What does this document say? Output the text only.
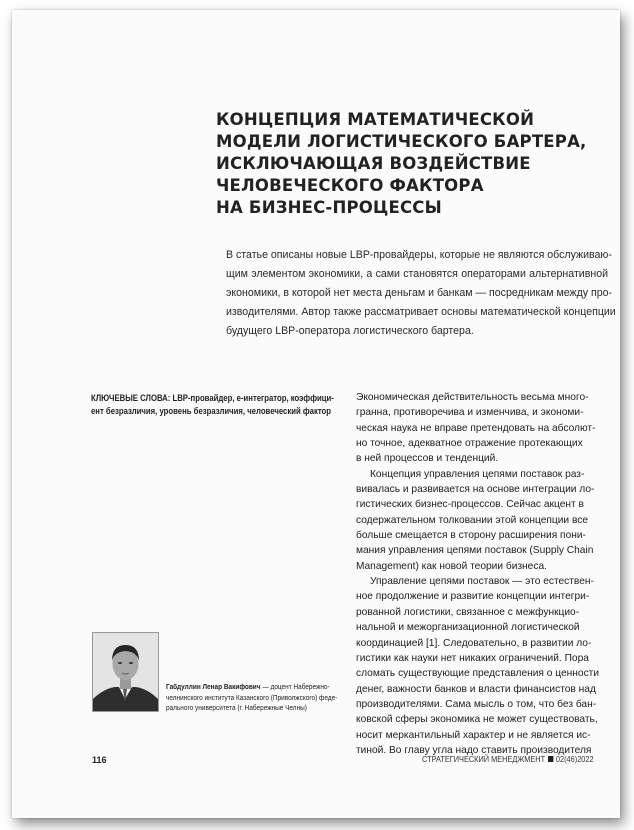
КОНЦЕПЦИЯ МАТЕМАТИЧЕСКОЙ
МОДЕЛИ ЛОГИСТИЧЕСКОГО БАРТЕРА,
ИСКЛЮЧАЮЩАЯ ВОЗДЕЙСТВИЕ
ЧЕЛОВЕЧЕСКОГО ФАКТОРА
НА БИЗНЕС-ПРОЦЕССЫ

В статье описаны новые LBP-провайдеры, которые не являются обслуживаю-
щим элементом экономики, а сами становятся операторами альтернативной
экономики, в которой нет места деньгам и банкам — посредникам между про-
изводителями. Автор также рассматривает основы математической концепции
будущего LBP-оператора логистического бартера.

КЛЮЧЕВЫЕ СЛОВА: LBP-провайдер, е-интегратор, коэффици-
ент безразличия, уровень безразличия, человеческий фактор

Экономическая действительность весьма много-
гранна, противоречива и изменчива, и экономи-
ческая наука не вправе претендовать на абсолют-
но точное, адекватное отражение протекающих
в ней процессов и тенденций.
Концепция управления цепями поставок раз-
вивалась и развивается на основе интеграции ло-
гистических бизнес-процессов. Сейчас акцент в
содержательном толковании этой концепции все
больше смещается в сторону расширения пони-
мания управления цепями поставок (Supply Chain
Management) как новой теории бизнеса.
Управление цепями поставок — это естествен-
ное продолжение и развитие концепции интегри-
рованной логистики, связанное с межфункцио-
нальной и межорганизационной логистической
координацией [1]. Следовательно, в развитии ло-
гистики как науки нет никаких ограничений. Пора
сломать существующие представления о ценности
денег, важности банков и власти финансистов над
производителями. Сама мысль о том, что без бан-
ковской сферы экономика не может существовать,
носит меркантильный характер и не является ис-
тиной. Во главу угла надо ставить производителя

Габдуллин Ленар Вакифович — доцент Набережно-
челнинского института Казанского (Приволжского) феде-
рального университета (г. Набережные Челны)

116	СТРАТЕГИЧЕСКИЙ МЕНЕДЖМЕНТ 02(46)2022
